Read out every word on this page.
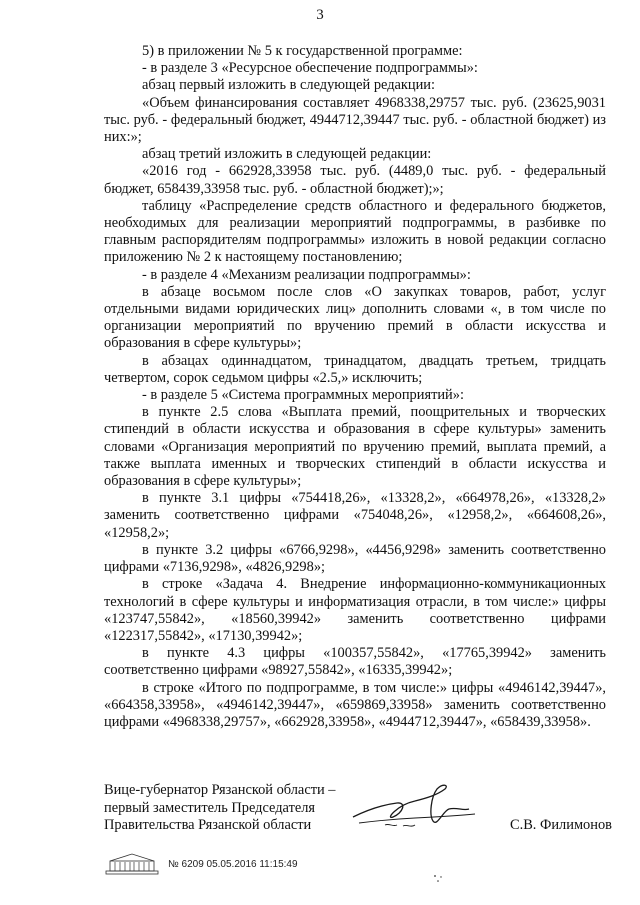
3

5) в приложении № 5 к государственной программе:

- в разделе 3 «Ресурсное обеспечение подпрограммы»:

абзац первый изложить в следующей редакции:

«Объем финансирования составляет 4968338,29757 тыс. руб. (23625,9031 тыс. руб. - федеральный бюджет, 4944712,39447 тыс. руб. - областной бюджет) из них:»;

абзац третий изложить в следующей редакции:

«2016 год - 662928,33958 тыс. руб. (4489,0 тыс. руб. - федеральный бюджет, 658439,33958 тыс. руб. - областной бюджет);»;

таблицу «Распределение средств областного и федерального бюджетов, необходимых для реализации мероприятий подпрограммы, в разбивке по главным распорядителям подпрограммы» изложить в новой редакции согласно приложению № 2 к настоящему постановлению;

- в разделе 4 «Механизм реализации подпрограммы»:

в абзаце восьмом после слов «О закупках товаров, работ, услуг отдельными видами юридических лиц» дополнить словами «, в том числе по организации мероприятий по вручению премий в области искусства и образования в сфере культуры»;

в абзацах одиннадцатом, тринадцатом, двадцать третьем, тридцать четвертом, сорок седьмом цифры «2.5,» исключить;

- в разделе 5 «Система программных мероприятий»:

в пункте 2.5 слова «Выплата премий, поощрительных и творческих стипендий в области искусства и образования в сфере культуры» заменить словами «Организация мероприятий по вручению премий, выплата премий, а также выплата именных и творческих стипендий в области искусства и образования в сфере культуры»;

в пункте 3.1 цифры «754418,26», «13328,2», «664978,26», «13328,2» заменить соответственно цифрами «754048,26», «12958,2», «664608,26», «12958,2»;

в пункте 3.2 цифры «6766,9298», «4456,9298» заменить соответственно цифрами «7136,9298», «4826,9298»;

в строке «Задача 4. Внедрение информационно-коммуникационных технологий в сфере культуры и информатизация отрасли, в том числе:» цифры «123747,55842», «18560,39942» заменить соответственно цифрами «122317,55842», «17130,39942»;

в пункте 4.3 цифры «100357,55842», «17765,39942» заменить соответственно цифрами «98927,55842», «16335,39942»;

в строке «Итого по подпрограмме, в том числе:» цифры «4946142,39447», «664358,33958», «4946142,39447», «659869,33958» заменить соответственно цифрами «4968338,29757», «662928,33958», «4944712,39447», «658439,33958».

Вице-губернатор Рязанской области –
первый заместитель Председателя
Правительства Рязанской области	С.В. Филимонов
№ 6209 05.05.2016 11:15:49
